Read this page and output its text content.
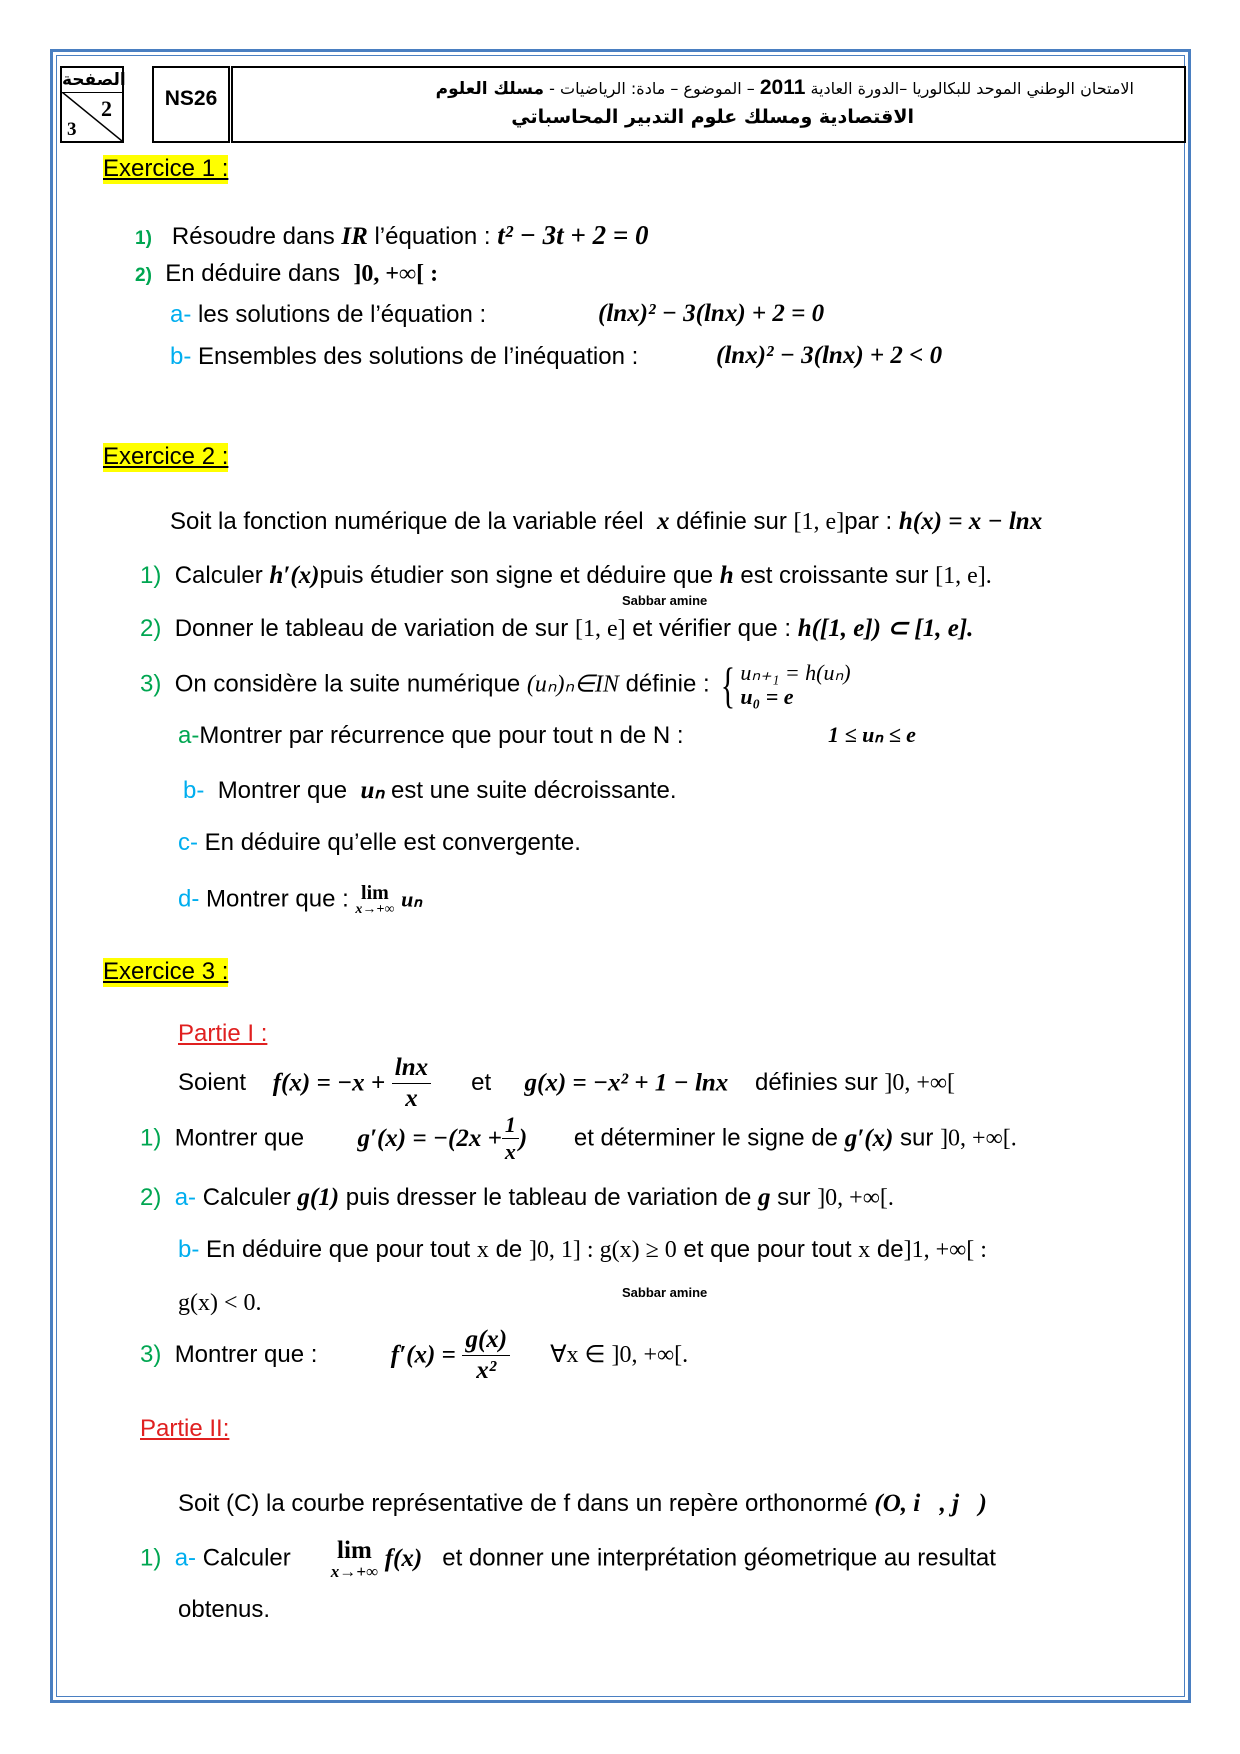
الصفحة
2
3
NS26	الامتحان الوطني الموحد للبكالوريا –الدورة العادية 2011 – الموضوع – مادة: الرياضيات - مسلك العلوم
الاقتصادية ومسلك علوم التدبير المحاسباتي
Exercice 1 :
1) Résoudre dans IR l’équation : t² − 3t + 2 = 0
2) En déduire dans ]0, +∞[ :
a- les solutions de l’équation :	(lnx)² − 3(lnx) + 2 = 0
b- Ensembles des solutions de l’inéquation :	(lnx)² − 3(lnx) + 2 < 0
Exercice 2 :
Soit la fonction numérique de la variable réel x définie sur [1, e]par : h(x) = x − lnx
1) Calculer h′(x)puis étudier son signe et déduire que h est croissante sur [1, e].
Sabbar amine
2) Donner le tableau de variation de sur [1, e] et vérifier que : h([1, e]) ⊂ [1, e].
3) On considère la suite numérique (uₙ)ₙ∈IN définie : { uₙ₊₁ = h(uₙ)
u₀ = e
a-Montrer par récurrence que pour tout n de N :	1 ≤ uₙ ≤ e
b- Montrer que uₙ est une suite décroissante.
c- En déduire qu’elle est convergente.
d- Montrer que : lim
x→+∞ uₙ
Exercice 3 :
Partie I :
Soient $f(x) = -x + \frac{\ln x}{x}$ et g(x) = −x² + 1 − lnx définies sur ]0, +∞[
1) Montrer que $g'(x) = -(2x + \frac{1}{x}$ ) et déterminer le signe de g′(x) sur ]0, +∞[.
2) a- Calculer g(1) puis dresser le tableau de variation de g sur ]0, +∞[.
b- En déduire que pour tout x de ]0, 1] : g(x) ≥ 0 et que pour tout x de]1, +∞[ :
g(x) < 0.	Sabbar amine
3) Montrer que :	$f'(x) = \frac{g(x)}{\text{x²}}$ ∀x ∈ ]0, +∞[.
Partie II:
Soit (C) la courbe représentative de f dans un repère orthonormé (O, i⃗, j⃗)
1) a- Calculer lim
x→+∞ f(x) et donner une interprétation géometrique au resultat
obtenus.
